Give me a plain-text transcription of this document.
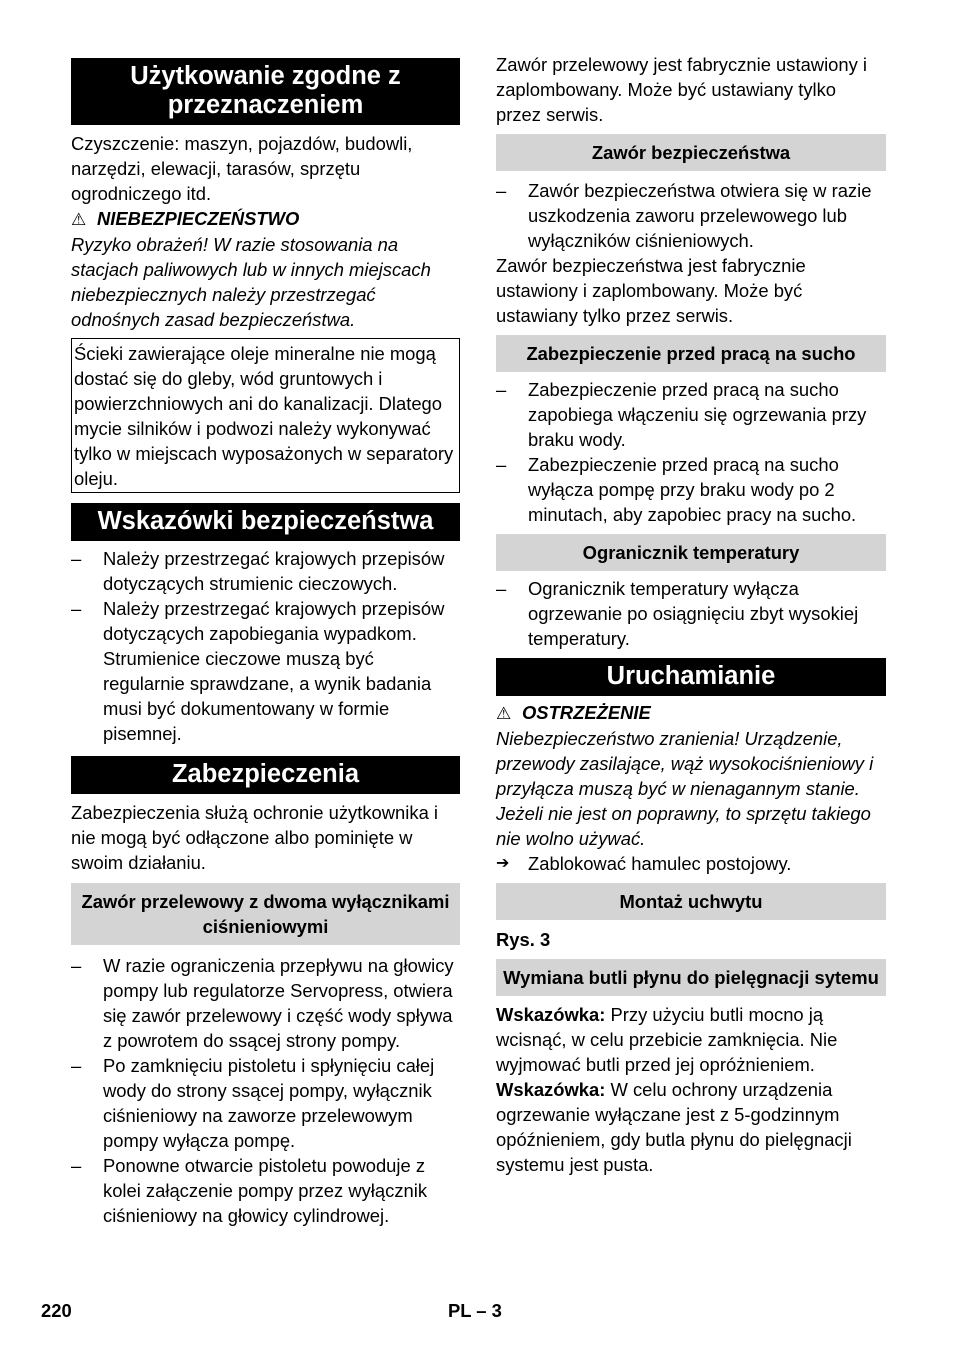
Użytkowanie zgodne z przeznaczeniem

Czyszczenie: maszyn, pojazdów, budowli, narzędzi, elewacji, tarasów, sprzętu ogrodniczego itd.

⚠ NIEBEZPIECZEŃSTWO

Ryzyko obrażeń! W razie stosowania na stacjach paliwowych lub w innych miejscach niebezpiecznych należy przestrzegać odnośnych zasad bezpieczeństwa.

Ścieki zawierające oleje mineralne nie mogą dostać się do gleby, wód gruntowych i powierzchniowych ani do kanalizacji. Dlatego mycie silników i podwozi należy wykonywać tylko w miejscach wyposażonych w separatory oleju.

Wskazówki bezpieczeństwa
– Należy przestrzegać krajowych przepisów dotyczących strumienic cieczowych.
– Należy przestrzegać krajowych przepisów dotyczących zapobiegania wypadkom. Strumienice cieczowe muszą być regularnie sprawdzane, a wynik badania musi być dokumentowany w formie pisemnej.
Zabezpieczenia

Zabezpieczenia służą ochronie użytkownika i nie mogą być odłączone albo pominięte w swoim działaniu.

Zawór przelewowy z dwoma wyłącznikami ciśnieniowymi
– W razie ograniczenia przepływu na głowicy pompy lub regulatorze Servopress, otwiera się zawór przelewowy i część wody spływa z powrotem do ssącej strony pompy.
– Po zamknięciu pistoletu i spłynięciu całej wody do strony ssącej pompy, wyłącznik ciśnieniowy na zaworze przelewowym pompy wyłącza pompę.
– Ponowne otwarcie pistoletu powoduje z kolei załączenie pompy przez wyłącznik ciśnieniowy na głowicy cylindrowej.

Zawór przelewowy jest fabrycznie ustawiony i zaplombowany. Może być ustawiany tylko przez serwis.

Zawór bezpieczeństwa
– Zawór bezpieczeństwa otwiera się w razie uszkodzenia zaworu przelewowego lub wyłączników ciśnieniowych.

Zawór bezpieczeństwa jest fabrycznie ustawiony i zaplombowany. Może być ustawiany tylko przez serwis.

Zabezpieczenie przed pracą na sucho
– Zabezpieczenie przed pracą na sucho zapobiega włączeniu się ogrzewania przy braku wody.
– Zabezpieczenie przed pracą na sucho wyłącza pompę przy braku wody po 2 minutach, aby zapobiec pracy na sucho.
Ogranicznik temperatury
– Ogranicznik temperatury wyłącza ogrzewanie po osiągnięciu zbyt wysokiej temperatury.
Uruchamianie

⚠ OSTRZEŻENIE

Niebezpieczeństwo zranienia! Urządzenie, przewody zasilające, wąż wysokociśnieniowy i przyłącza muszą być w nienagannym stanie. Jeżeli nie jest on poprawny, to sprzętu takiego nie wolno używać.

➔ Zablokować hamulec postojowy.

Montaż uchwytu

Rys. 3

Wymiana butli płynu do pielęgnacji sytemu

Wskazówka: Przy użyciu butli mocno ją wcisnąć, w celu przebicie zamknięcia. Nie wyjmować butli przed jej opróżnieniem.

Wskazówka: W celu ochrony urządzenia ogrzewanie wyłączane jest z 5-godzinnym opóźnieniem, gdy butla płynu do pielęgnacji systemu jest pusta.

220	PL – 3
